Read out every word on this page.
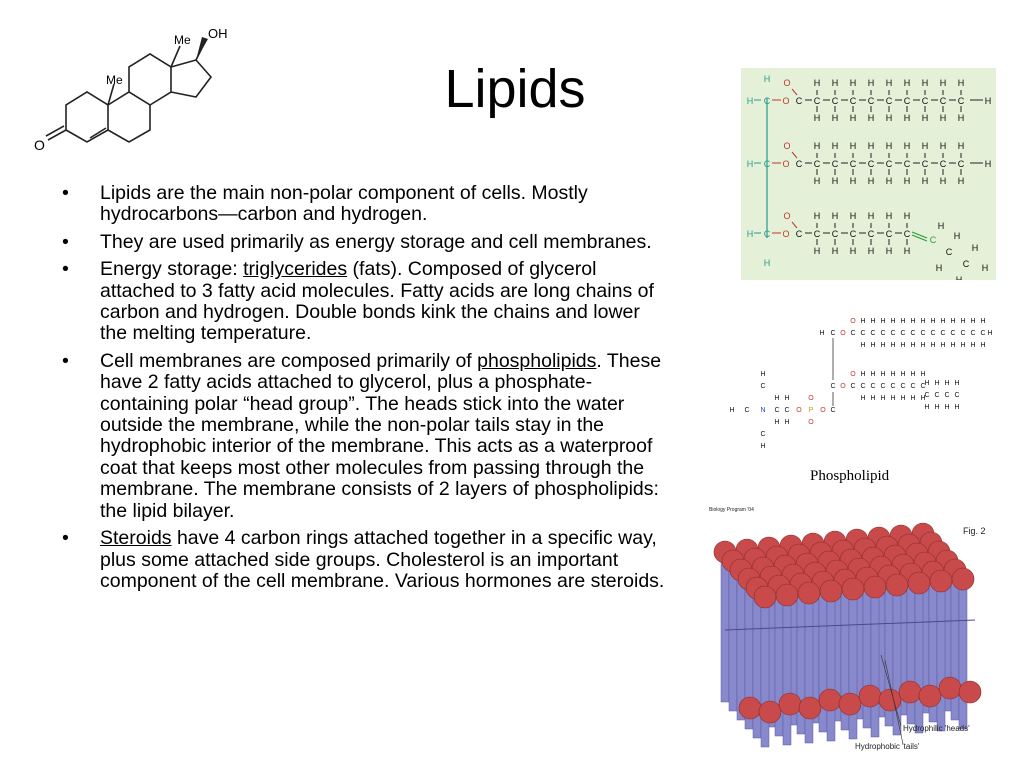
O
Me
Me OH
Lipids
• Lipids are the main non-polar component of cells. Mostly hydrocarbons—carbon and hydrogen.
• They are used primarily as energy storage and cell membranes.
• Energy storage: triglycerides (fats). Composed of glycerol attached to 3 fatty acid molecules. Fatty acids are long chains of carbon and hydrogen. Double bonds kink the chains and lower the melting temperature.
• Cell membranes are composed primarily of phospholipids. These have 2 fatty acids attached to glycerol, plus a phosphate-containing polar “head group”. The heads stick into the water outside the membrane, while the non-polar tails stay in the hydrophobic interior of the membrane. This acts as a waterproof coat that keeps most other molecules from passing through the membrane. The membrane consists of 2 layers of phospholipids: the lipid bilayer.
• Steroids have 4 carbon rings attached together in a specific way, plus some attached side groups. Cholesterol is an important component of the cell membrane. Various hormones are steroids.
H
H
H C O
O
C C
H
H
C
H
H
C
H
H
C
H
H
C
H
H
C
H
H
C
H
H
C
H
H
C
H
H
H
H C O
O
C C
H
H
C
H
H
C
H
H
C
H
H
C
H
H
C
H
H
C
H
H
C
H
H
C
H
H
H
H C O
O
C C
H
H
C
H
H
C
H
H
C
H
H
C
H
H
C
H
H
C
C
C
H
H
H
H
H
H
H C O C
O
C
H
H
C
H
H
C
H
H
C
H
H
C
H
H
C
H
H
C
H
H
C
H
H
C
H
H
C
H
H
C
H
H
C
H
H
C
H
H
H
C O C
O
C
H
H
C
H
H
C
H
H
C
H
H
C
H
H
C
H
H
C
H
H
C
H
H
C
H
H
C
H
H
C
H
H
C
O
P
O
O
O
C
C
N
C
C
C
H
H
H
H
H
H
H
Phospholipid
Biology Program '04
Fig. 2
Hydrophilic 'heads'
Hydrophobic 'tails'
